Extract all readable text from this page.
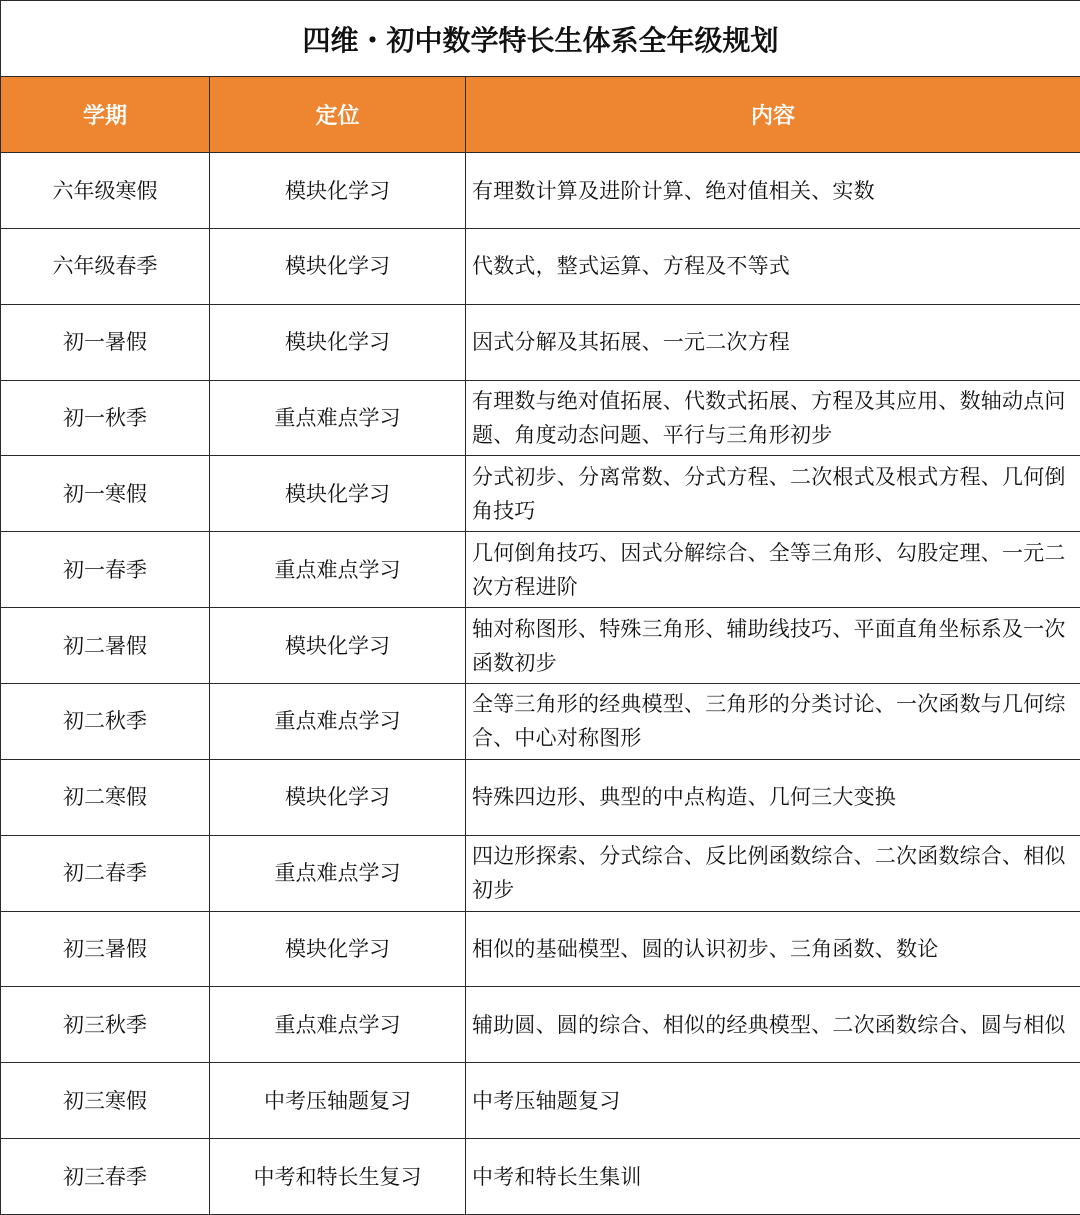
四维・初中数学特长生体系全年级规划		
学期	定位	内容
六年级寒假	模块化学习	有理数计算及进阶计算、绝对值相关、实数
六年级春季	模块化学习	代数式，整式运算、方程及不等式
初一暑假	模块化学习	因式分解及其拓展、一元二次方程
初一秋季	重点难点学习	有理数与绝对值拓展、代数式拓展、方程及其应用、数轴动点问题、角度动态问题、平行与三角形初步
初一寒假	模块化学习	分式初步、分离常数、分式方程、二次根式及根式方程、几何倒角技巧
初一春季	重点难点学习	几何倒角技巧、因式分解综合、全等三角形、勾股定理、一元二次方程进阶
初二暑假	模块化学习	轴对称图形、特殊三角形、辅助线技巧、平面直角坐标系及一次函数初步
初二秋季	重点难点学习	全等三角形的经典模型、三角形的分类讨论、一次函数与几何综合、中心对称图形
初二寒假	模块化学习	特殊四边形、典型的中点构造、几何三大变换
初二春季	重点难点学习	四边形探索、分式综合、反比例函数综合、二次函数综合、相似初步
初三暑假	模块化学习	相似的基础模型、圆的认识初步、三角函数、数论
初三秋季	重点难点学习	辅助圆、圆的综合、相似的经典模型、二次函数综合、圆与相似
初三寒假	中考压轴题复习	中考压轴题复习
初三春季	中考和特长生复习	中考和特长生集训
